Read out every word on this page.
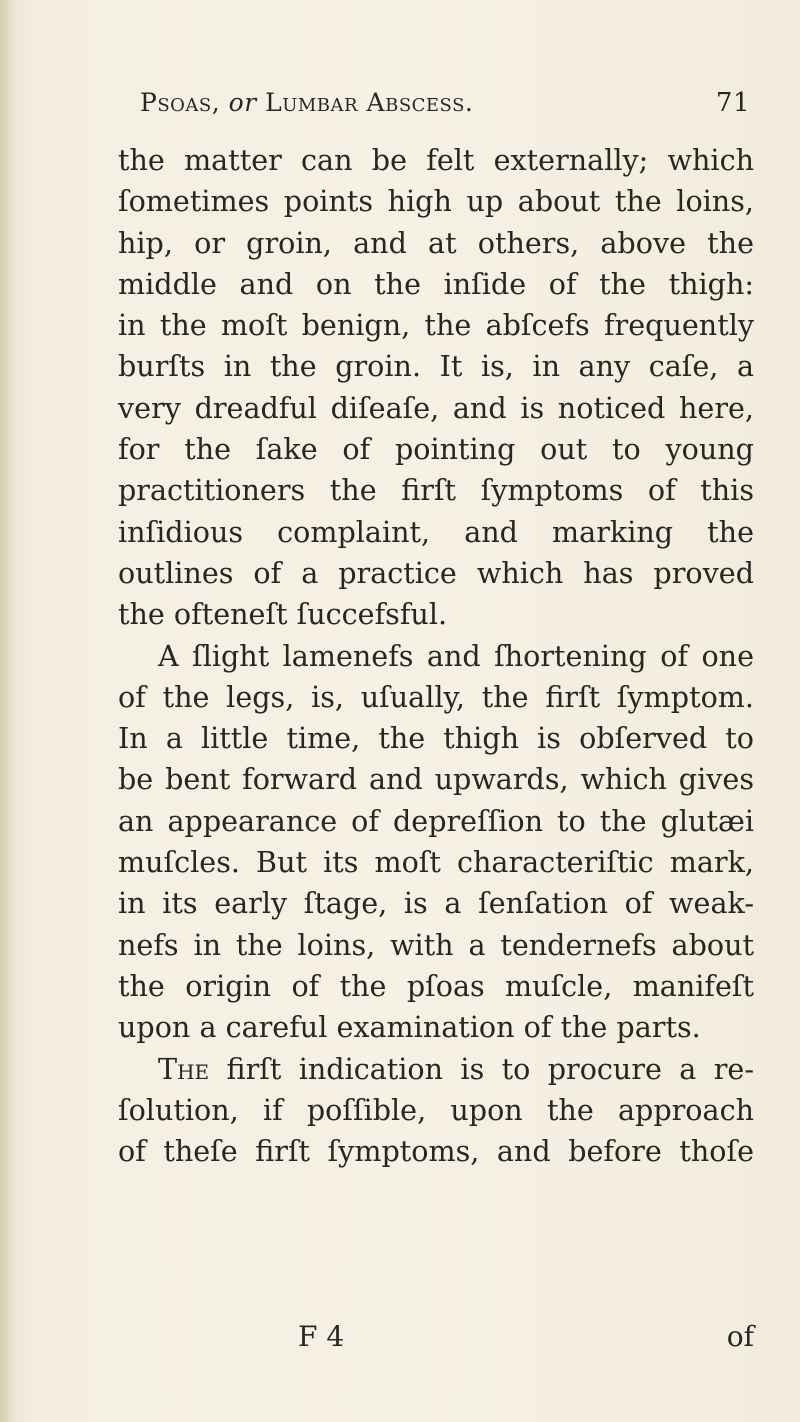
Psoas, or Lumbar Abscess.	71
the matter can be felt externally; which
ſometimes points high up about the loins,
hip, or groin, and at others, above the
middle and on the inſide of the thigh:
in the moſt benign, the abſcefs frequently
burſts in the groin. It is, in any caſe, a
very dreadful diſeaſe, and is noticed here,
for the ſake of pointing out to young
practitioners the firſt ſymptoms of this
inſidious complaint, and marking the
outlines of a practice which has proved
the ofteneſt ſuccefsful.
A ſlight lamenefs and ſhortening of one
of the legs, is, uſually, the firſt ſymptom.
In a little time, the thigh is obſerved to
be bent forward and upwards, which gives
an appearance of depreſſion to the glutæi
muſcles. But its moſt characteriſtic mark,
in its early ſtage, is a ſenſation of weak-
nefs in the loins, with a tendernefs about
the origin of the pſoas muſcle, manifeſt
upon a careful examination of the parts.
The firſt indication is to procure a re-
ſolution, if poſſible, upon the approach
of theſe firſt ſymptoms, and before thoſe
F 4	of
